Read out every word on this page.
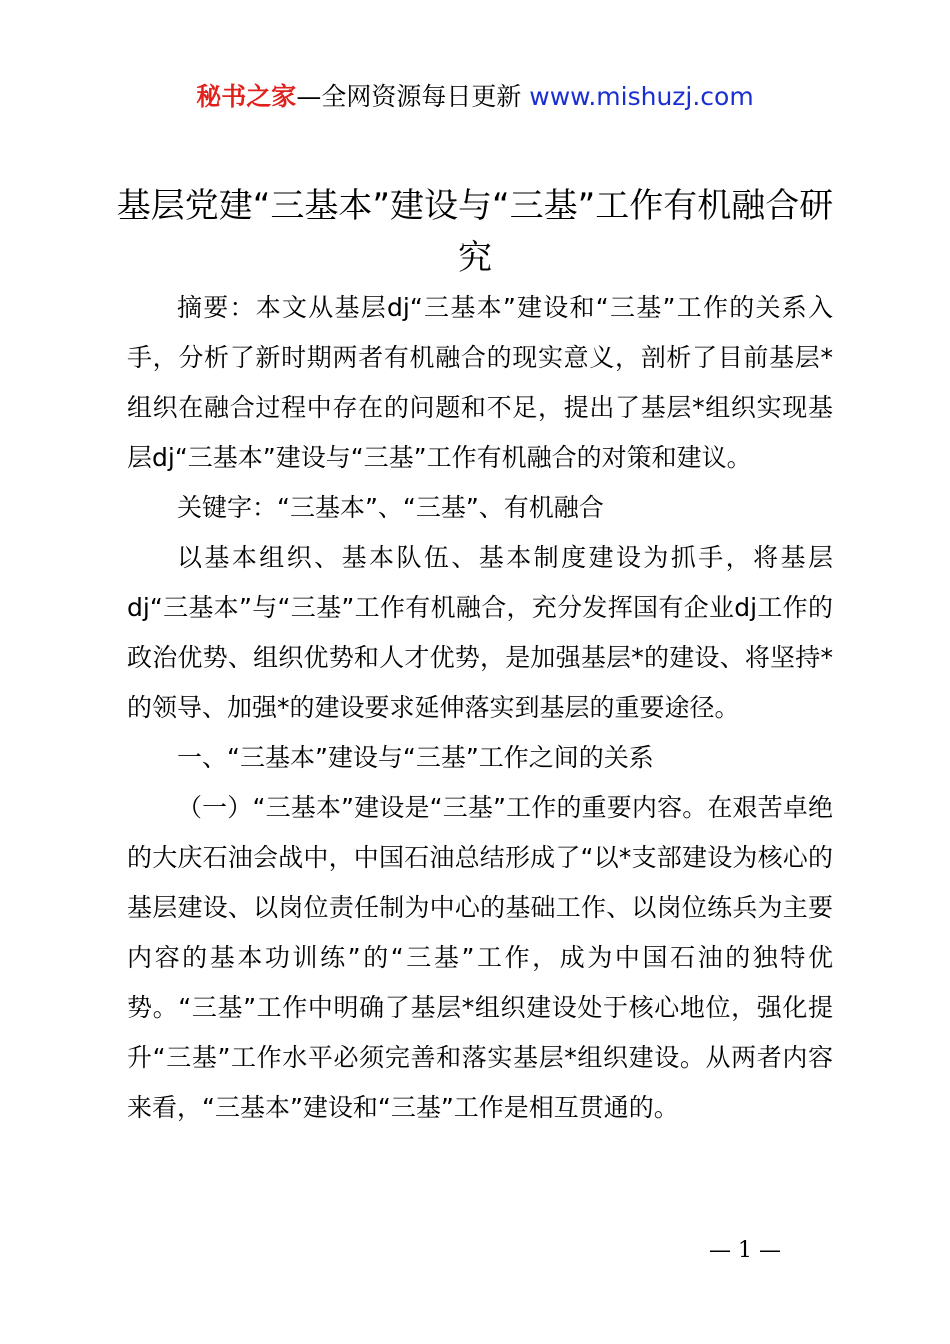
秘书之家—全网资源每日更新 www.mishuzj.com
基层党建“三基本”建设与“三基”工作有机融合研究

摘要：本文从基层dj“三基本”建设和“三基”工作的关系入手，分析了新时期两者有机融合的现实意义，剖析了目前基层*组织在融合过程中存在的问题和不足，提出了基层*组织实现基层dj“三基本”建设与“三基”工作有机融合的对策和建议。

关键字：“三基本”、“三基”、有机融合

以基本组织、基本队伍、基本制度建设为抓手，将基层dj“三基本”与“三基”工作有机融合，充分发挥国有企业dj工作的政治优势、组织优势和人才优势，是加强基层*的建设、将坚持*的领导、加强*的建设要求延伸落实到基层的重要途径。

一、“三基本”建设与“三基”工作之间的关系

（一）“三基本”建设是“三基”工作的重要内容。在艰苦卓绝的大庆石油会战中，中国石油总结形成了“以*支部建设为核心的基层建设、以岗位责任制为中心的基础工作、以岗位练兵为主要内容的基本功训练”的“三基”工作，成为中国石油的独特优势。“三基”工作中明确了基层*组织建设处于核心地位，强化提升“三基”工作水平必须完善和落实基层*组织建设。从两者内容来看，“三基本”建设和“三基”工作是相互贯通的。

— 1 —
